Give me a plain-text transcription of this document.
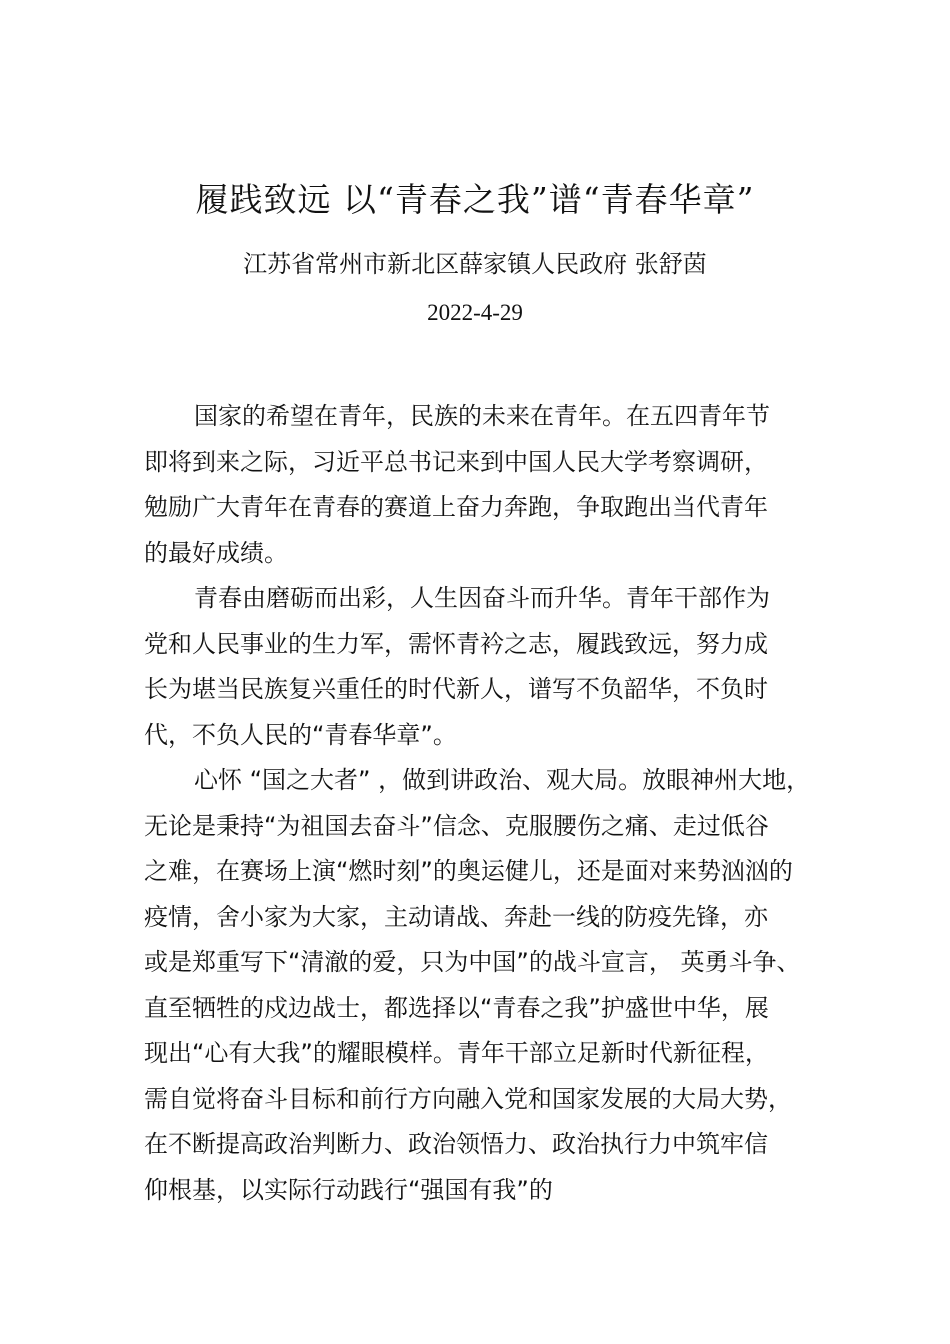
履践致远 以“青春之我”谱“青春华章”
江苏省常州市新北区薛家镇人民政府 张舒茵
2022-4-29
国家的希望在青年，民族的未来在青年。在五四青年节
即将到来之际，习近平总书记来到中国人民大学考察调研，
勉励广大青年在青春的赛道上奋力奔跑，争取跑出当代青年
的最好成绩。
青春由磨砺而出彩，人生因奋斗而升华。青年干部作为
党和人民事业的生力军，需怀青衿之志，履践致远，努力成
长为堪当民族复兴重任的时代新人，谱写不负韶华，不负时
代，不负人民的“青春华章”。
心怀 “国之大者” ，做到讲政治、观大局。放眼神州大地，
无论是秉持“为祖国去奋斗”信念、克服腰伤之痛、走过低谷
之难，在赛场上演“燃时刻”的奥运健儿，还是面对来势汹汹的
疫情，舍小家为大家，主动请战、奔赴一线的防疫先锋，亦
或是郑重写下“清澈的爱，只为中国”的战斗宣言， 英勇斗争、
直至牺牲的戍边战士，都选择以“青春之我”护盛世中华，展
现出“心有大我”的耀眼模样。青年干部立足新时代新征程，
需自觉将奋斗目标和前行方向融入党和国家发展的大局大势，
在不断提高政治判断力、政治领悟力、政治执行力中筑牢信
仰根基，以实际行动践行“强国有我”的
